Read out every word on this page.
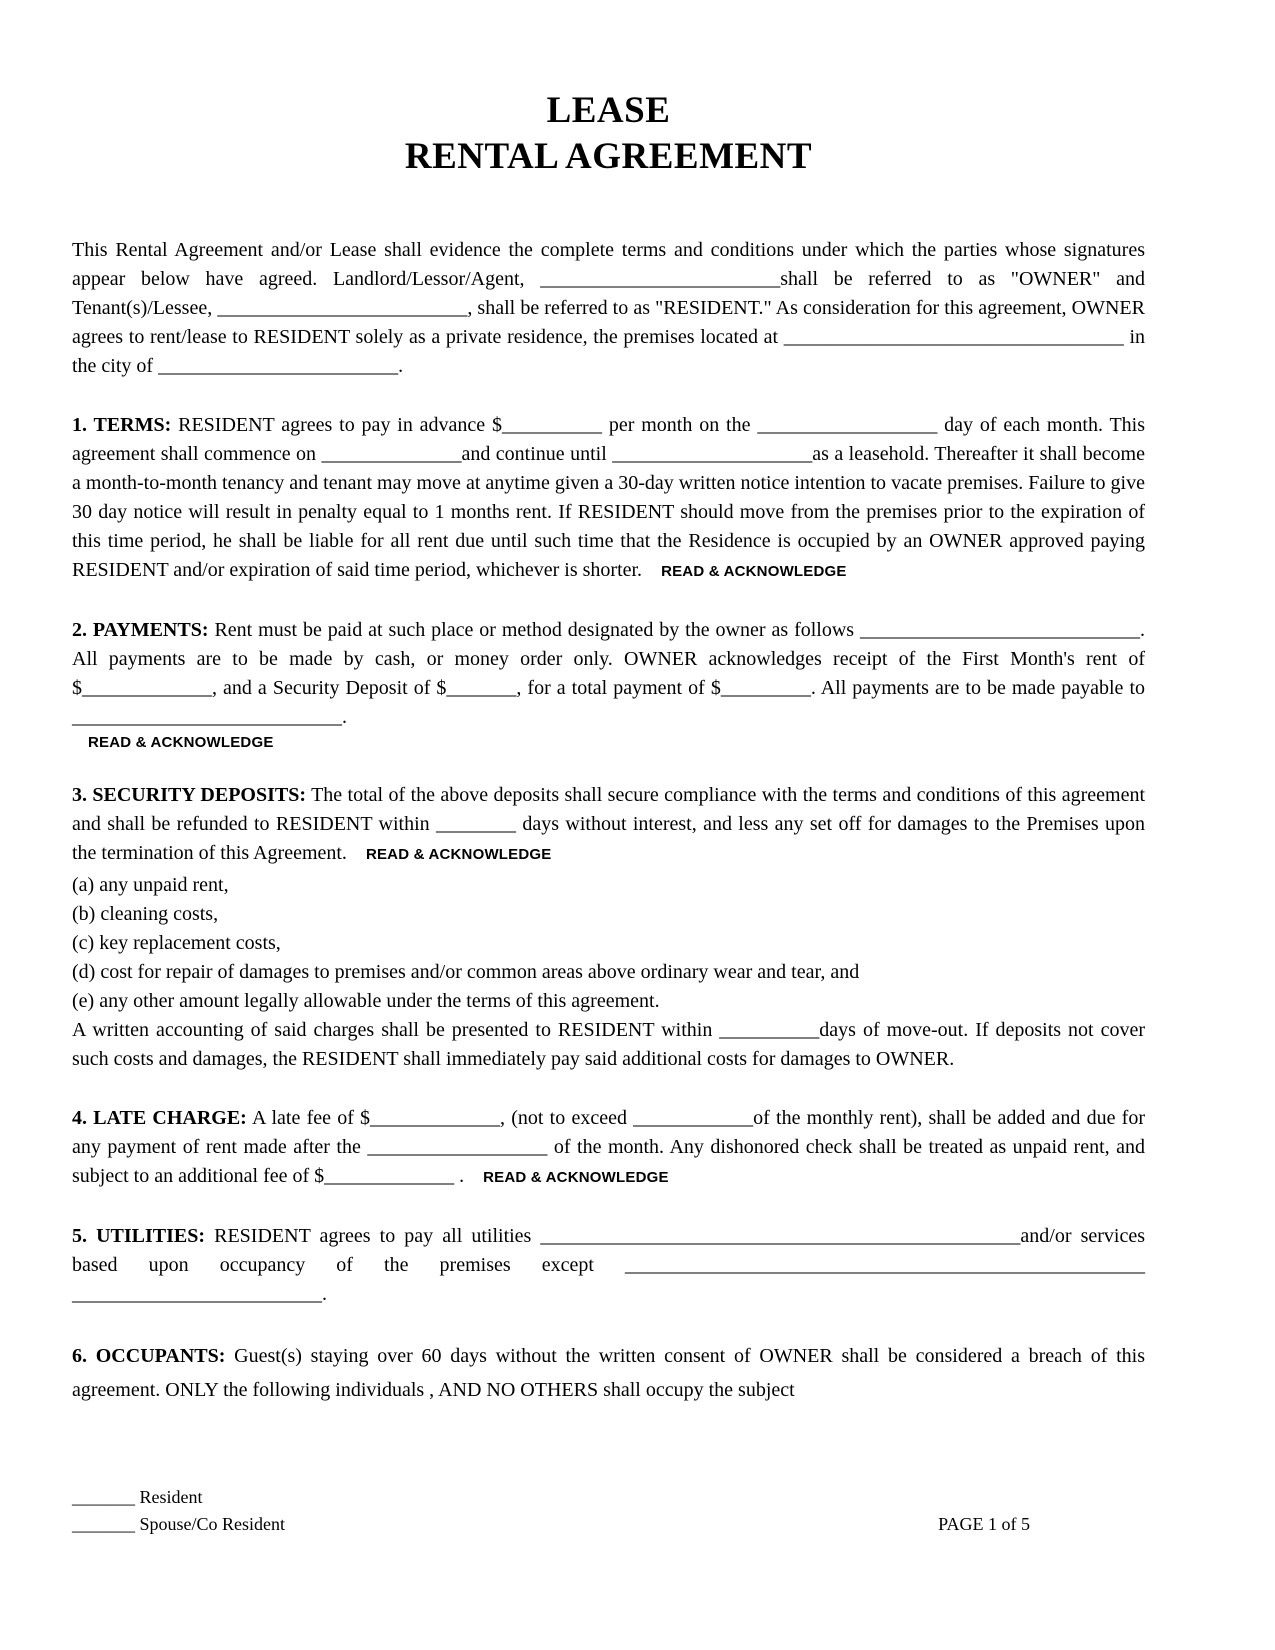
LEASE
RENTAL AGREEMENT

This Rental Agreement and/or Lease shall evidence the complete terms and conditions under which the parties whose signatures appear below have agreed. Landlord/Lessor/Agent, ________________________shall be referred to as "OWNER" and Tenant(s)/Lessee, _________________________, shall be referred to as "RESIDENT." As consideration for this agreement, OWNER agrees to rent/lease to RESIDENT solely as a private residence, the premises located at __________________________________ in the city of ________________________.

1. TERMS: RESIDENT agrees to pay in advance $__________ per month on the __________________ day of each month. This agreement shall commence on ______________and continue until ____________________as a leasehold. Thereafter it shall become a month-to-month tenancy and tenant may move at anytime given a 30-day written notice intention to vacate premises. Failure to give 30 day notice will result in penalty equal to 1 months rent. If RESIDENT should move from the premises prior to the expiration of this time period, he shall be liable for all rent due until such time that the Residence is occupied by an OWNER approved paying RESIDENT and/or expiration of said time period, whichever is shorter. READ & ACKNOWLEDGE

2. PAYMENTS: Rent must be paid at such place or method designated by the owner as follows ____________________________. All payments are to be made by cash, or money order only. OWNER acknowledges receipt of the First Month's rent of $_____________, and a Security Deposit of $_______, for a total payment of $_________. All payments are to be made payable to ___________________________.

READ & ACKNOWLEDGE

3. SECURITY DEPOSITS: The total of the above deposits shall secure compliance with the terms and conditions of this agreement and shall be refunded to RESIDENT within ________ days without interest, and less any set off for damages to the Premises upon the termination of this Agreement. READ & ACKNOWLEDGE

(a) any unpaid rent,
(b) cleaning costs,
(c) key replacement costs,
(d) cost for repair of damages to premises and/or common areas above ordinary wear and tear, and
(e) any other amount legally allowable under the terms of this agreement.

A written accounting of said charges shall be presented to RESIDENT within __________days of move-out. If deposits not cover such costs and damages, the RESIDENT shall immediately pay said additional costs for damages to OWNER.

4. LATE CHARGE: A late fee of $_____________, (not to exceed ____________of the monthly rent), shall be added and due for any payment of rent made after the __________________ of the month. Any dishonored check shall be treated as unpaid rent, and subject to an additional fee of $_____________ . READ & ACKNOWLEDGE

5. UTILITIES: RESIDENT agrees to pay all utilities ________________________________________________and/or services based upon occupancy of the premises except ____________________________________________________ _________________________.

6. OCCUPANTS: Guest(s) staying over 60 days without the written consent of OWNER shall be considered a breach of this agreement. ONLY the following individuals , AND NO OTHERS shall occupy the subject

_______ Resident
_______ Spouse/Co Resident	PAGE 1 of 5
